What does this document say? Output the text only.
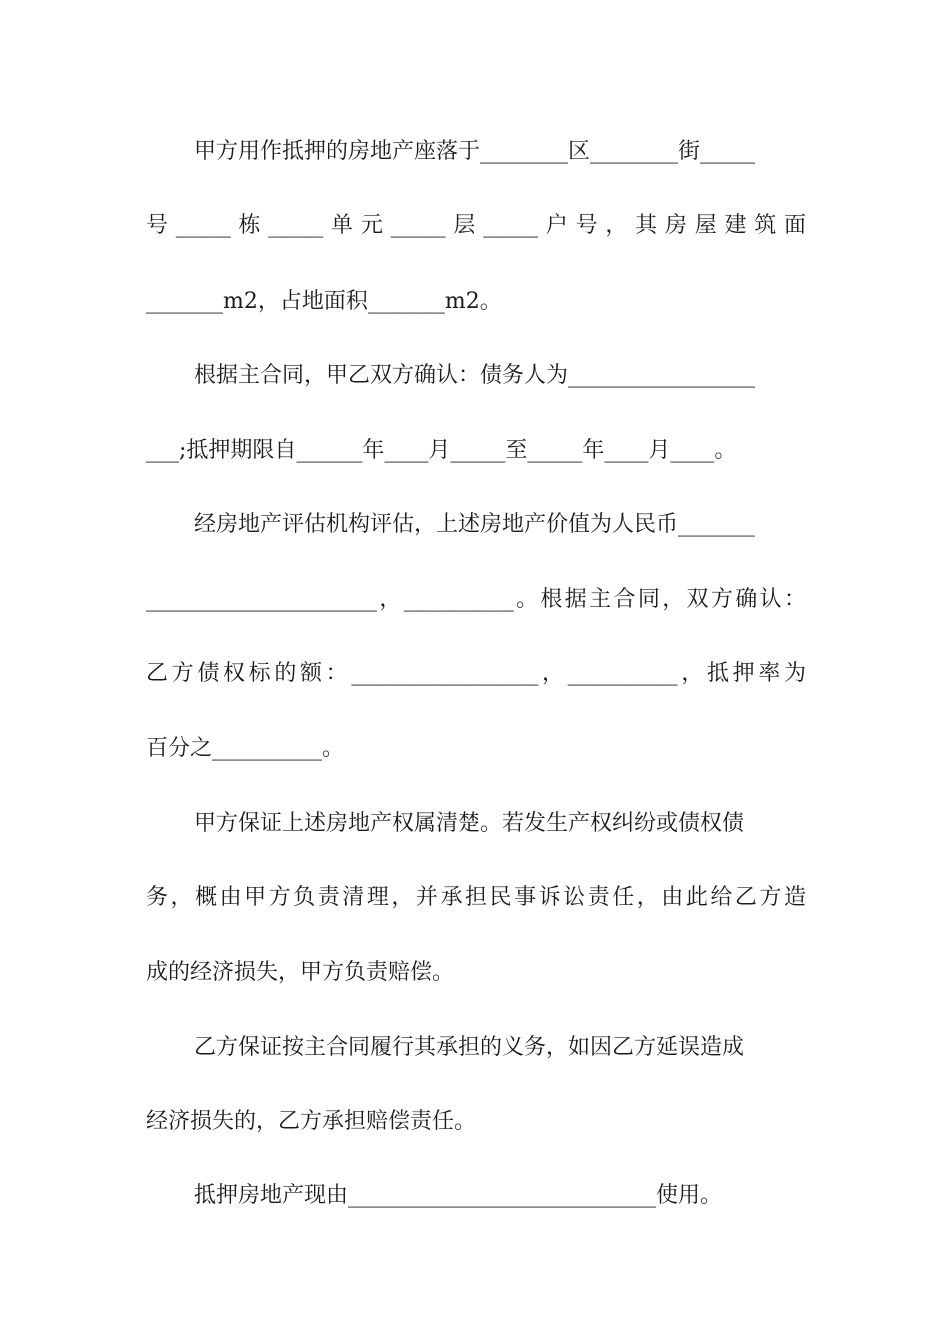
甲方用作抵押的房地产座落于________区________街_____
号_____栋_____单元_____层_____户号，其房屋建筑面
_______m2，占地面积_______m2。
根据主合同，甲乙双方确认：债务人为_________________
___;抵押期限自______年____月_____至_____年____月____。
经房地产评估机构评估，上述房地产价值为人民币_______
_____________________，__________。根据主合同，双方确认：
乙方债权标的额：_________________，__________，抵押率为
百分之__________。
甲方保证上述房地产权属清楚。若发生产权纠纷或债权债
务，概由甲方负责清理，并承担民事诉讼责任，由此给乙方造
成的经济损失，甲方负责赔偿。
乙方保证按主合同履行其承担的义务，如因乙方延误造成
经济损失的，乙方承担赔偿责任。
抵押房地产现由____________________________使用。
